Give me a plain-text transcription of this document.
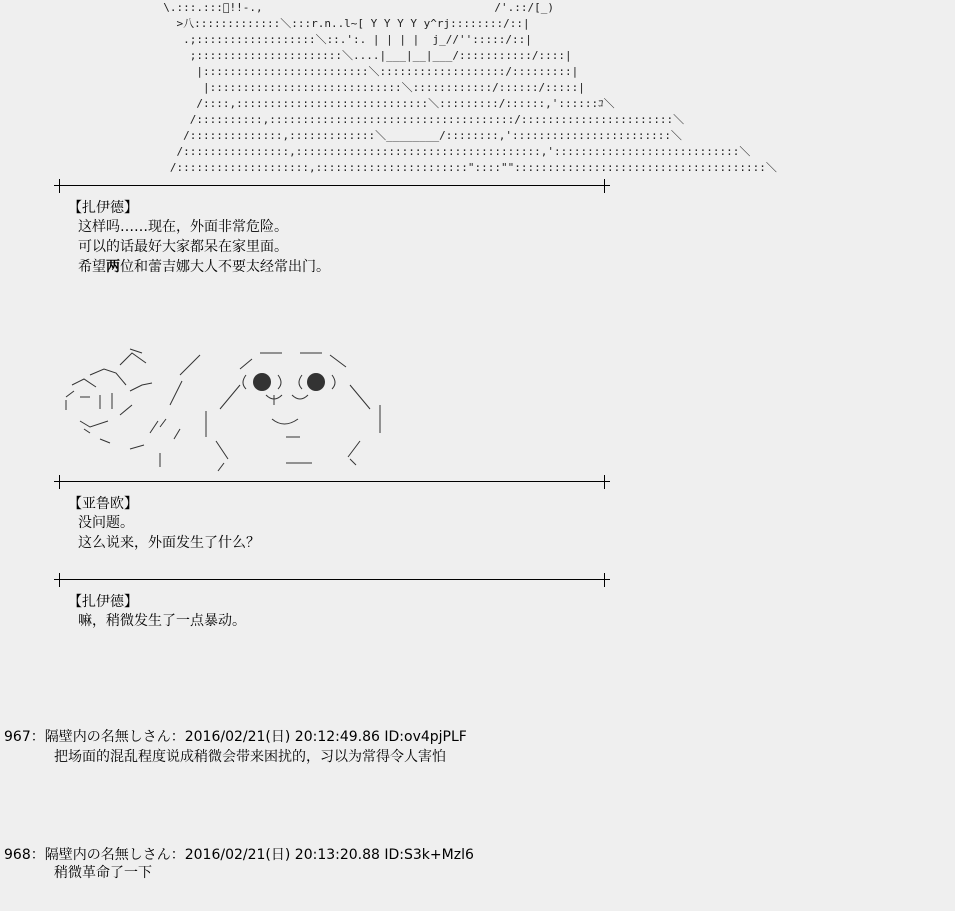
\.:::.:::ﾞ!!-.,                                   /'.::/[_)
>八:::::::::::::＼:::r.n..l~[ Y Y Y Y y^rj::::::::/::|
.;::::::::::::::::::＼::.':. | | | |  j_//'':::::/::|
;::::::::::::::::::::::＼....|___|__|___/:::::::::::/::::|
|:::::::::::::::::::::::::＼:::::::::::::::::::/:::::::::|
|:::::::::::::::::::::::::::::＼::::::::::::/::::::/:::::|
/::::,:::::::::::::::::::::::::::::＼:::::::::/::::::,'::::::ｺ＼
/::::::::::,:::::::::::::::::::::::::::::::::::::/:::::::::::::::::::::::＼
/::::::::::::::,:::::::::::::＼________/::::::::,'::::::::::::::::::::::::＼
/::::::::::::::::,:::::::::::::::::::::::::::::::::::::,'::::::::::::::::::::::::::::＼
/::::::::::::::::::::,:::::::::::::::::::::::"::::""::::::::::::::::::::::::::::::::::::::＼
【扎伊德】
这样吗……现在，外面非常危险。
可以的话最好大家都呆在家里面。
希望两位和蕾吉娜大人不要太经常出门。
【亚鲁欧】
没问题。
这么说来，外面发生了什么？
【扎伊德】
嘛，稍微发生了一点暴动。
967：隔壁内の名無しさん：2016/02/21(日) 20:12:49.86 ID:ov4pjPLF
把场面的混乱程度说成稍微会带来困扰的，习以为常得令人害怕
968：隔壁内の名無しさん：2016/02/21(日) 20:13:20.88 ID:S3k+Mzl6
稍微革命了一下
